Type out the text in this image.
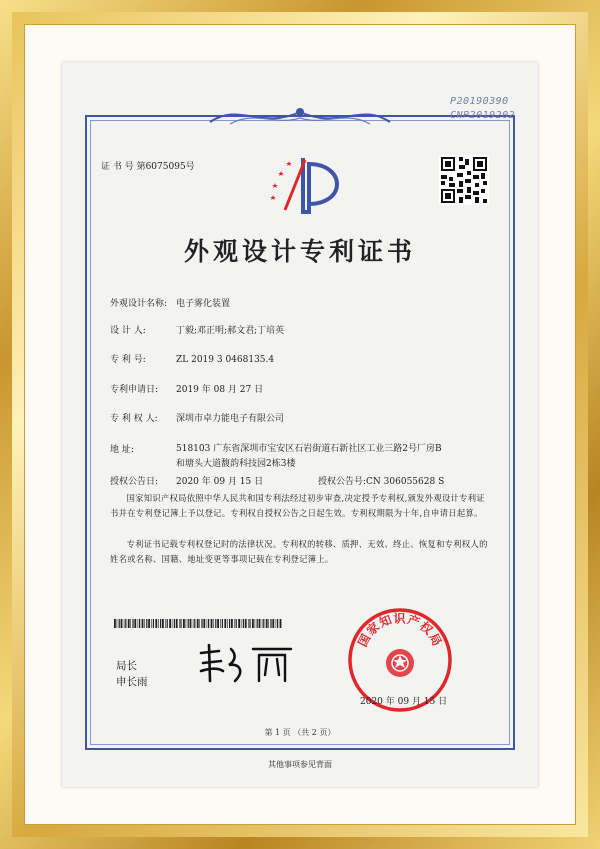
P20190390
CNP2019202
证 书 号 第6075095号
外观设计专利证书
外观设计名称: 电子雾化装置
设 计 人:	丁毅;邓正明;郝文君;丁培英
专 利 号:	ZL 2019 3 0468135.4
专利申请日: 2019 年 08 月 27 日
专 利 权 人: 深圳市卓力能电子有限公司
地 址:	518103 广东省深圳市宝安区石岩街道石新社区工业三路2号厂房B和塘头大道馥韵科技园2栋3楼
授权公告日: 2020 年 09 月 15 日	授权公告号:CN 306055628 S
国家知识产权局依照中华人民共和国专利法经过初步审查,决定授予专利权,颁发外观设计专利证书并在专利登记簿上予以登记。专利权自授权公告之日起生效。专利权期限为十年,自申请日起算。
专利证书记载专利权登记时的法律状况。专利权的转移、质押、无效、终止、恢复和专利权人的姓名或名称、国籍、地址变更等事项记载在专利登记簿上。
局长
申长雨
国家知识产权局
2020 年 09 月 15 日
第 1 页 （共 2 页）
其他事项参见背面
